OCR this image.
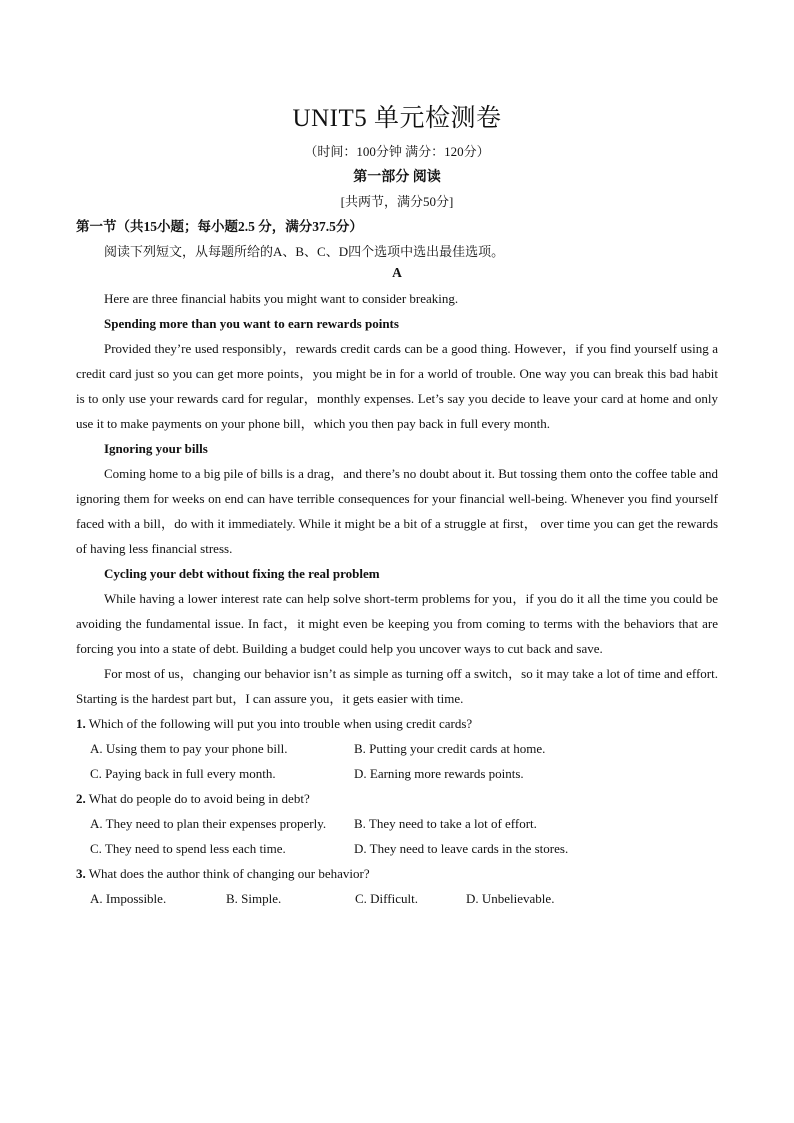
UNIT5 单元检测卷
（时间：100分钟 满分：120分）
第一部分 阅读
[共两节，满分50分]
第一节（共15小题；每小题2.5 分，满分37.5分）
阅读下列短文，从每题所给的A、B、C、D四个选项中选出最佳选项。
A

Here are three financial habits you might want to consider breaking.

Spending more than you want to earn rewards points

Provided they’re used responsibly，rewards credit cards can be a good thing. However，if you find yourself using a credit card just so you can get more points，you might be in for a world of trouble. One way you can break this bad habit is to only use your rewards card for regular，monthly expenses. Let’s say you decide to leave your card at home and only use it to make payments on your phone bill，which you then pay back in full every month.

Ignoring your bills

Coming home to a big pile of bills is a drag，and there’s no doubt about it. But tossing them onto the coffee table and ignoring them for weeks on end can have terrible consequences for your financial well-being. Whenever you find yourself faced with a bill，do with it immediately. While it might be a bit of a struggle at first， over time you can get the rewards of having less financial stress.

Cycling your debt without fixing the real problem

While having a lower interest rate can help solve short-term problems for you，if you do it all the time you could be avoiding the fundamental issue. In fact，it might even be keeping you from coming to terms with the behaviors that are forcing you into a state of debt. Building a budget could help you uncover ways to cut back and save.

For most of us，changing our behavior isn’t as simple as turning off a switch，so it may take a lot of time and effort. Starting is the hardest part but，I can assure you，it gets easier with time.

1. Which of the following will put you into trouble when using credit cards?
A. Using them to pay your phone bill.	B. Putting your credit cards at home.
C. Paying back in full every month.	D. Earning more rewards points.
2. What do people do to avoid being in debt?
A. They need to plan their expenses properly.	B. They need to take a lot of effort.
C. They need to spend less each time.	D. They need to leave cards in the stores.
3. What does the author think of changing our behavior?
A. Impossible.	B. Simple.	C. Difficult.	D. Unbelievable.
